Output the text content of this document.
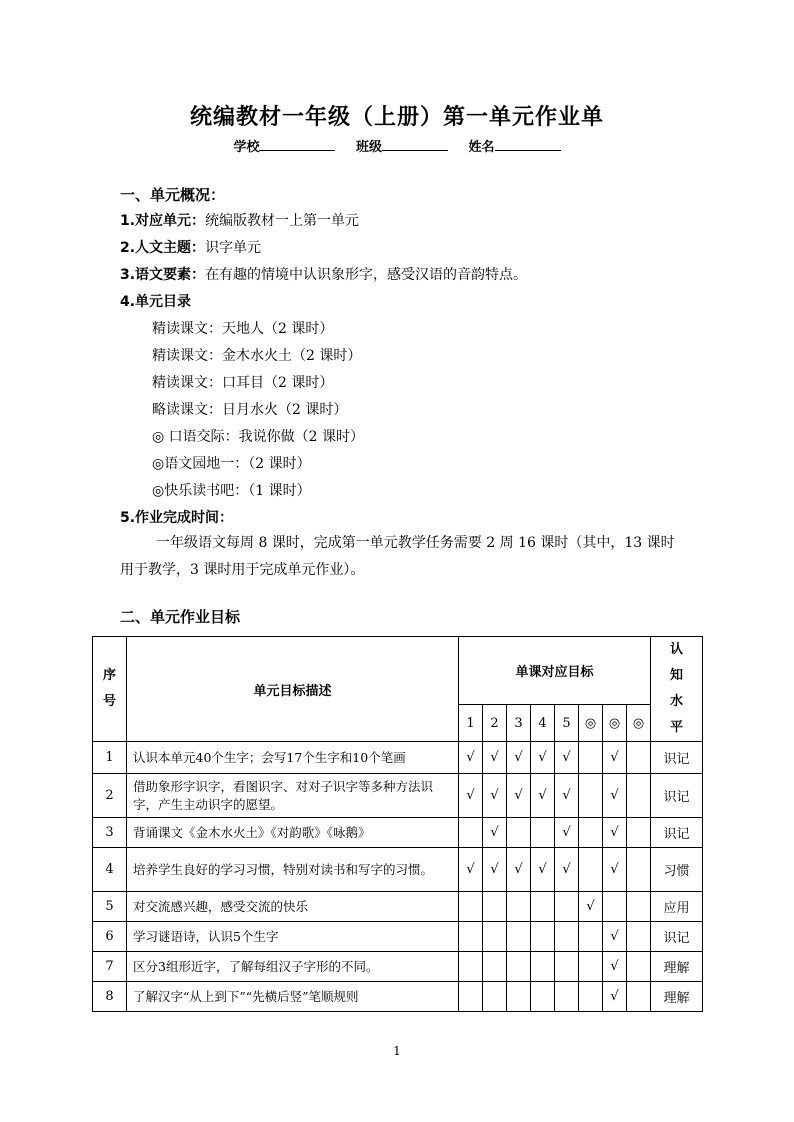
统编教材一年级（上册）第一单元作业单
学校	班级	姓名
一、单元概况：
1.对应单元：统编版教材一上第一单元
2.人文主题：识字单元
3.语文要素：在有趣的情境中认识象形字，感受汉语的音韵特点。
4.单元目录
精读课文：天地人（2 课时）
精读课文：金木水火土（2 课时）
精读课文：口耳目（2 课时）
略读课文：日月水火（2 课时）
◎ 口语交际：我说你做（2 课时）
◎语文园地一：（2 课时）
◎快乐读书吧：（1 课时）
5.作业完成时间：
一年级语文每周 8 课时，完成第一单元教学任务需要 2 周 16 课时（其中，13 课时用于教学，3 课时用于完成单元作业）。
二、单元作业目标
序号	单元目标描述	单课对应目标								认知水平
		1	2	3	4	5	◎	◎	◎	
1	认识本单元40个生字；会写17个生字和10个笔画	√	√	√	√	√		√		识记
2	借助象形字识字，看图识字、对对子识字等多种方法识字，产生主动识字的愿望。	√	√	√	√	√		√		识记
3	背诵课文《金木水火土》《对韵歌》《咏鹅》		√			√		√		识记
4	培养学生良好的学习习惯，特别对读书和写字的习惯。	√	√	√	√	√		√		习惯
5	对交流感兴趣，感受交流的快乐						√			应用
6	学习谜语诗，认识5个生字							√		识记
7	区分3组形近字，了解每组汉子字形的不同。							√		理解
8	了解汉字“从上到下”“先横后竖”笔顺规则							√		理解
1
